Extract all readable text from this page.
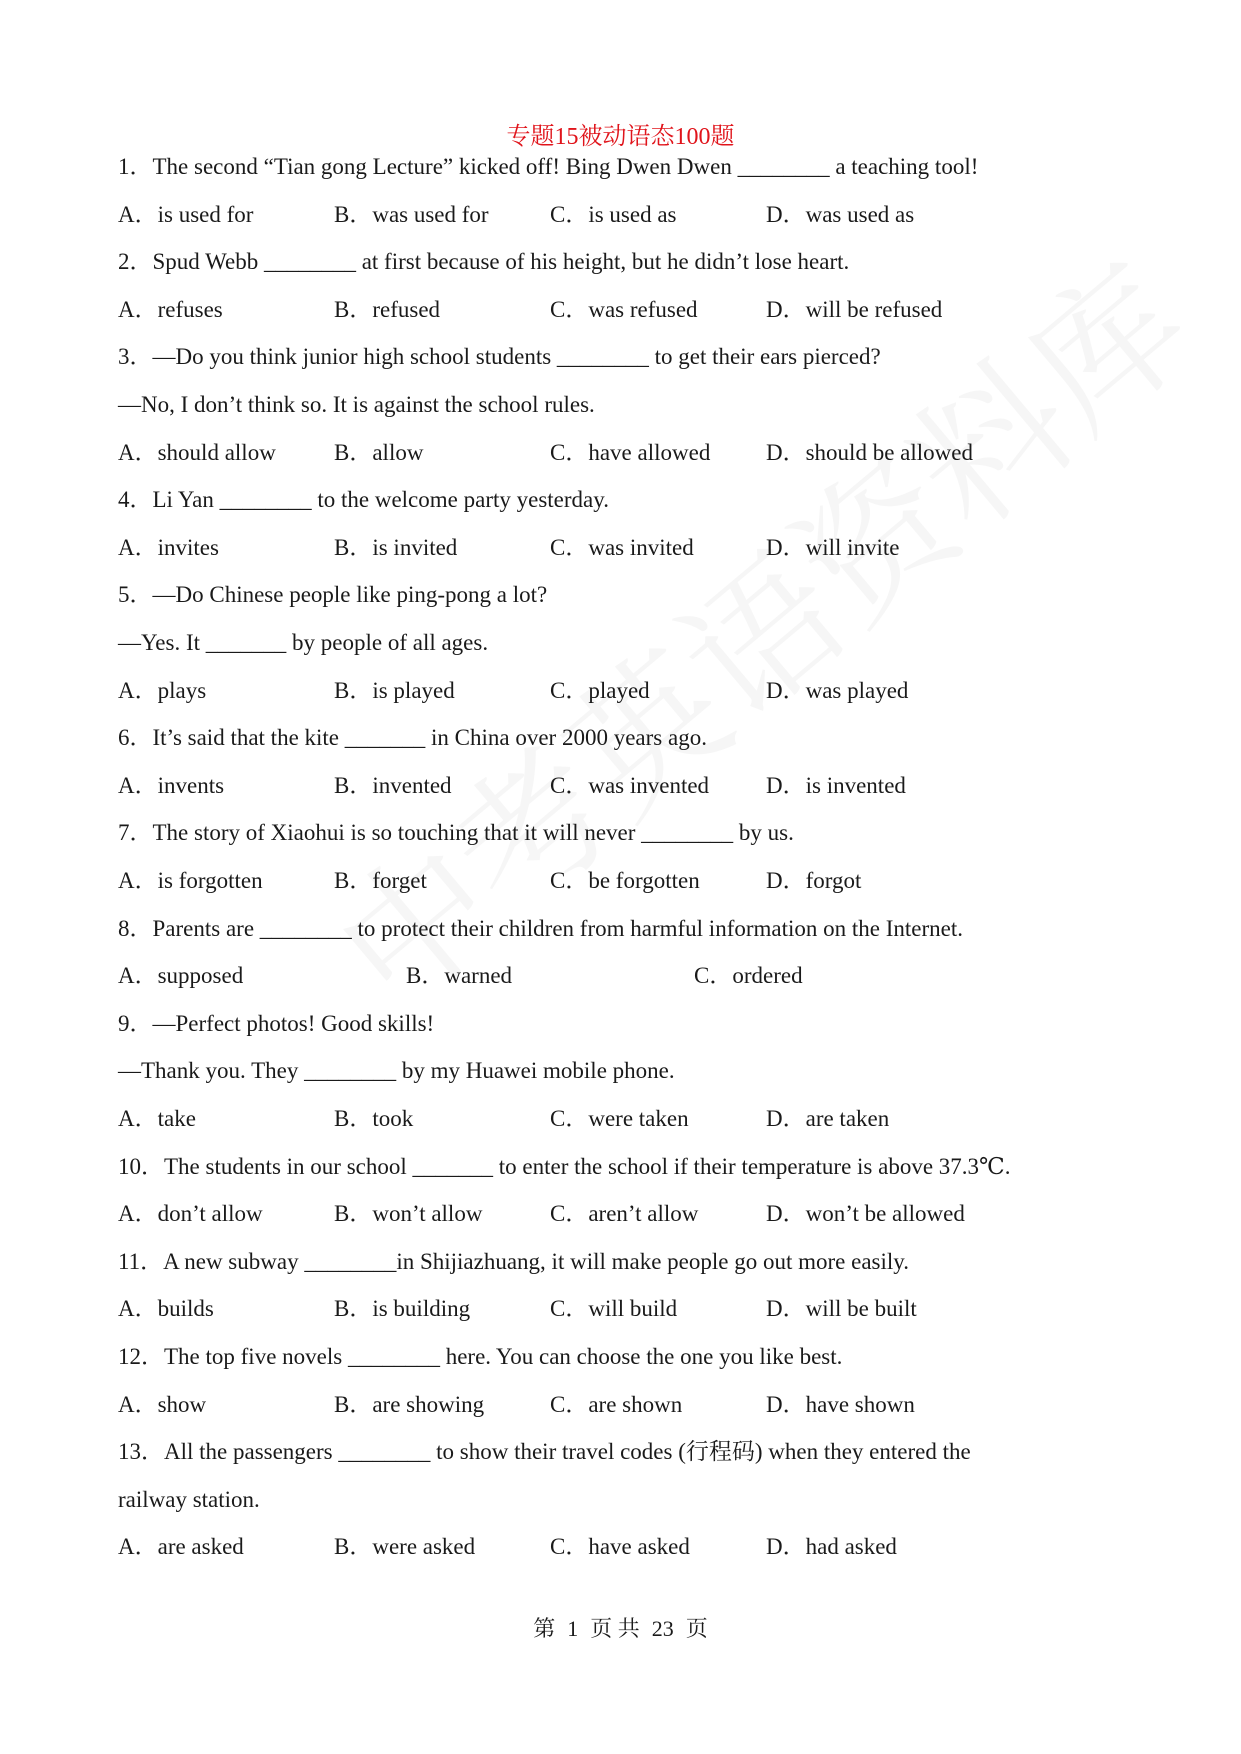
专题15被动语态100题
1．The second “Tian gong Lecture” kicked off! Bing Dwen Dwen ________ a teaching tool!
A．is used for	B．was used for	C．is used as	D．was used as
2．Spud Webb ________ at first because of his height, but he didn’t lose heart.
A．refuses	B．refused	C．was refused	D．will be refused
3．—Do you think junior high school students ________ to get their ears pierced?
—No, I don’t think so. It is against the school rules.
A．should allow	B．allow	C．have allowed D．should be allowed
4．Li Yan ________ to the welcome party yesterday.
A．invites	B．is invited	C．was invited	D．will invite
5．—Do Chinese people like ping-pong a lot?
—Yes. It _______ by people of all ages.
A．plays	B．is played	C．played	D．was played
6．It’s said that the kite _______ in China over 2000 years ago.
A．invents	B．invented	C．was invented D．is invented
7．The story of Xiaohui is so touching that it will never ________ by us.
A．is forgotten	B．forget	C．be forgotten	D．forgot
8．Parents are ________ to protect their children from harmful information on the Internet.
A．supposed	B．warned	C．ordered
9．—Perfect photos! Good skills!
—Thank you. They ________ by my Huawei mobile phone.
A．take	B．took	C．were taken	D．are taken
10．The students in our school _______ to enter the school if their temperature is above 37.3℃.
A．don’t allow	B．won’t allow	C．aren’t allow	D．won’t be allowed
11．A new subway ________in Shijiazhuang, it will make people go out more easily.
A．builds	B．is building	C．will build	D．will be built
12．The top five novels ________ here. You can choose the one you like best.
A．show	B．are showing	C．are shown	D．have shown
13．All the passengers ________ to show their travel codes (行程码) when they entered the
railway station.
A．are asked	B．were asked	C．have asked	D．had asked
第 1 页 共 23 页
